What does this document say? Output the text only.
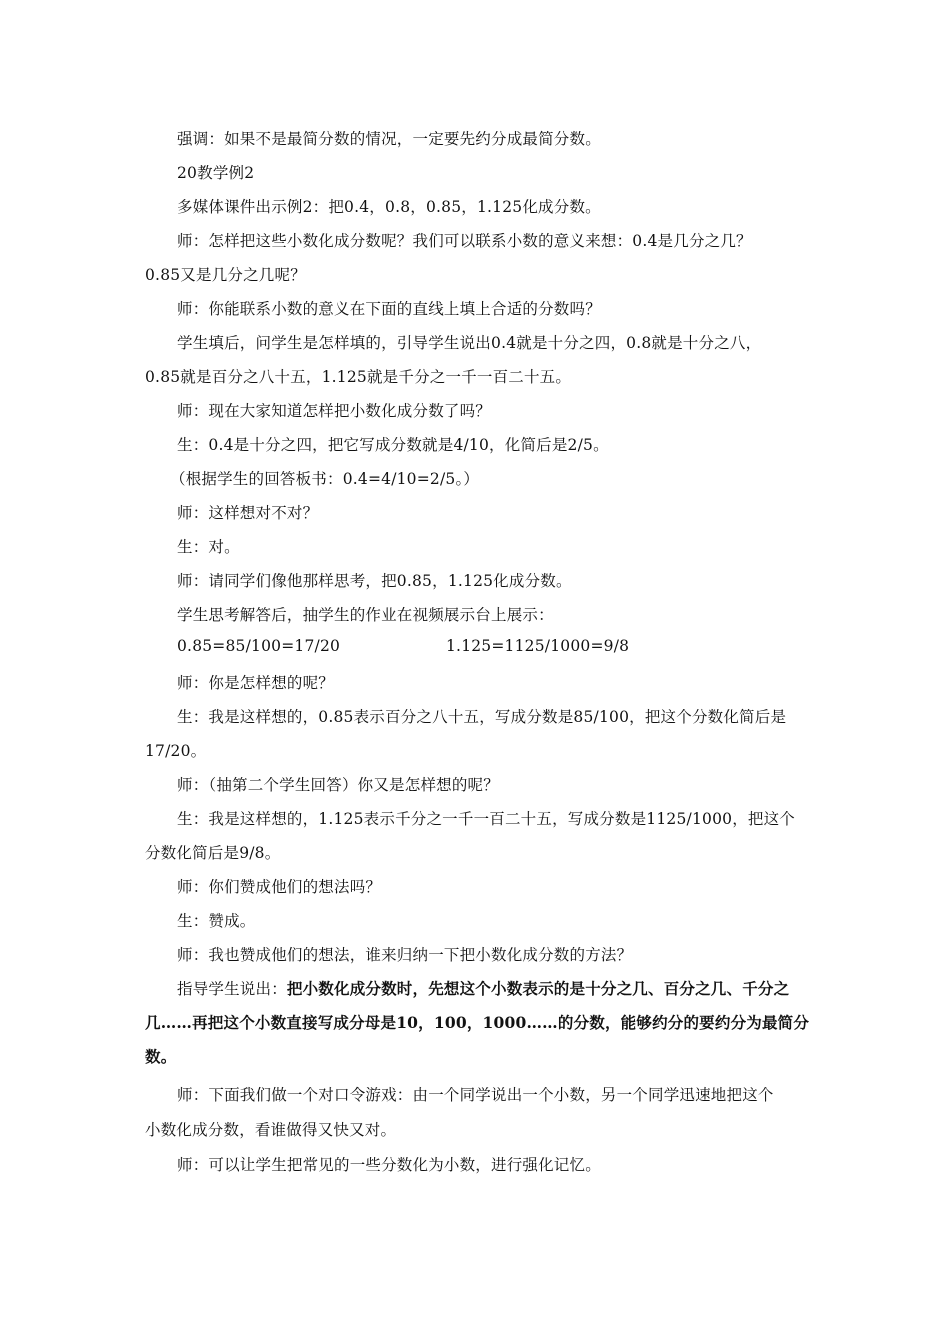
强调：如果不是最简分数的情况，一定要先约分成最简分数。
20教学例2
多媒体课件出示例2：把0.4，0.8，0.85，1.125化成分数。
师：怎样把这些小数化成分数呢？我们可以联系小数的意义来想：0.4是几分之几？
0.85又是几分之几呢？
师：你能联系小数的意义在下面的直线上填上合适的分数吗？
学生填后，问学生是怎样填的，引导学生说出0.4就是十分之四，0.8就是十分之八，
0.85就是百分之八十五，1.125就是千分之一千一百二十五。
师：现在大家知道怎样把小数化成分数了吗？
生：0.4是十分之四，把它写成分数就是4/10，化简后是2/5。
（根据学生的回答板书：0.4=4/10=2/5。）
师：这样想对不对？
生：对。
师：请同学们像他那样思考，把0.85，1.125化成分数。
学生思考解答后，抽学生的作业在视频展示台上展示：
0.85=85/100=17/20	1.125=1125/1000=9/8
师：你是怎样想的呢？
生：我是这样想的，0.85表示百分之八十五，写成分数是85/100，把这个分数化简后是
17/20。
师：（抽第二个学生回答）你又是怎样想的呢？
生：我是这样想的，1.125表示千分之一千一百二十五，写成分数是1125/1000，把这个
分数化简后是9/8。
师：你们赞成他们的想法吗？
生：赞成。
师：我也赞成他们的想法，谁来归纳一下把小数化成分数的方法？
指导学生说出：把小数化成分数时，先想这个小数表示的是十分之几、百分之几、千分之
几……再把这个小数直接写成分母是10，100，1000……的分数，能够约分的要约分为最简分
数。
师：下面我们做一个对口令游戏：由一个同学说出一个小数，另一个同学迅速地把这个
小数化成分数，看谁做得又快又对。
师：可以让学生把常见的一些分数化为小数，进行强化记忆。
